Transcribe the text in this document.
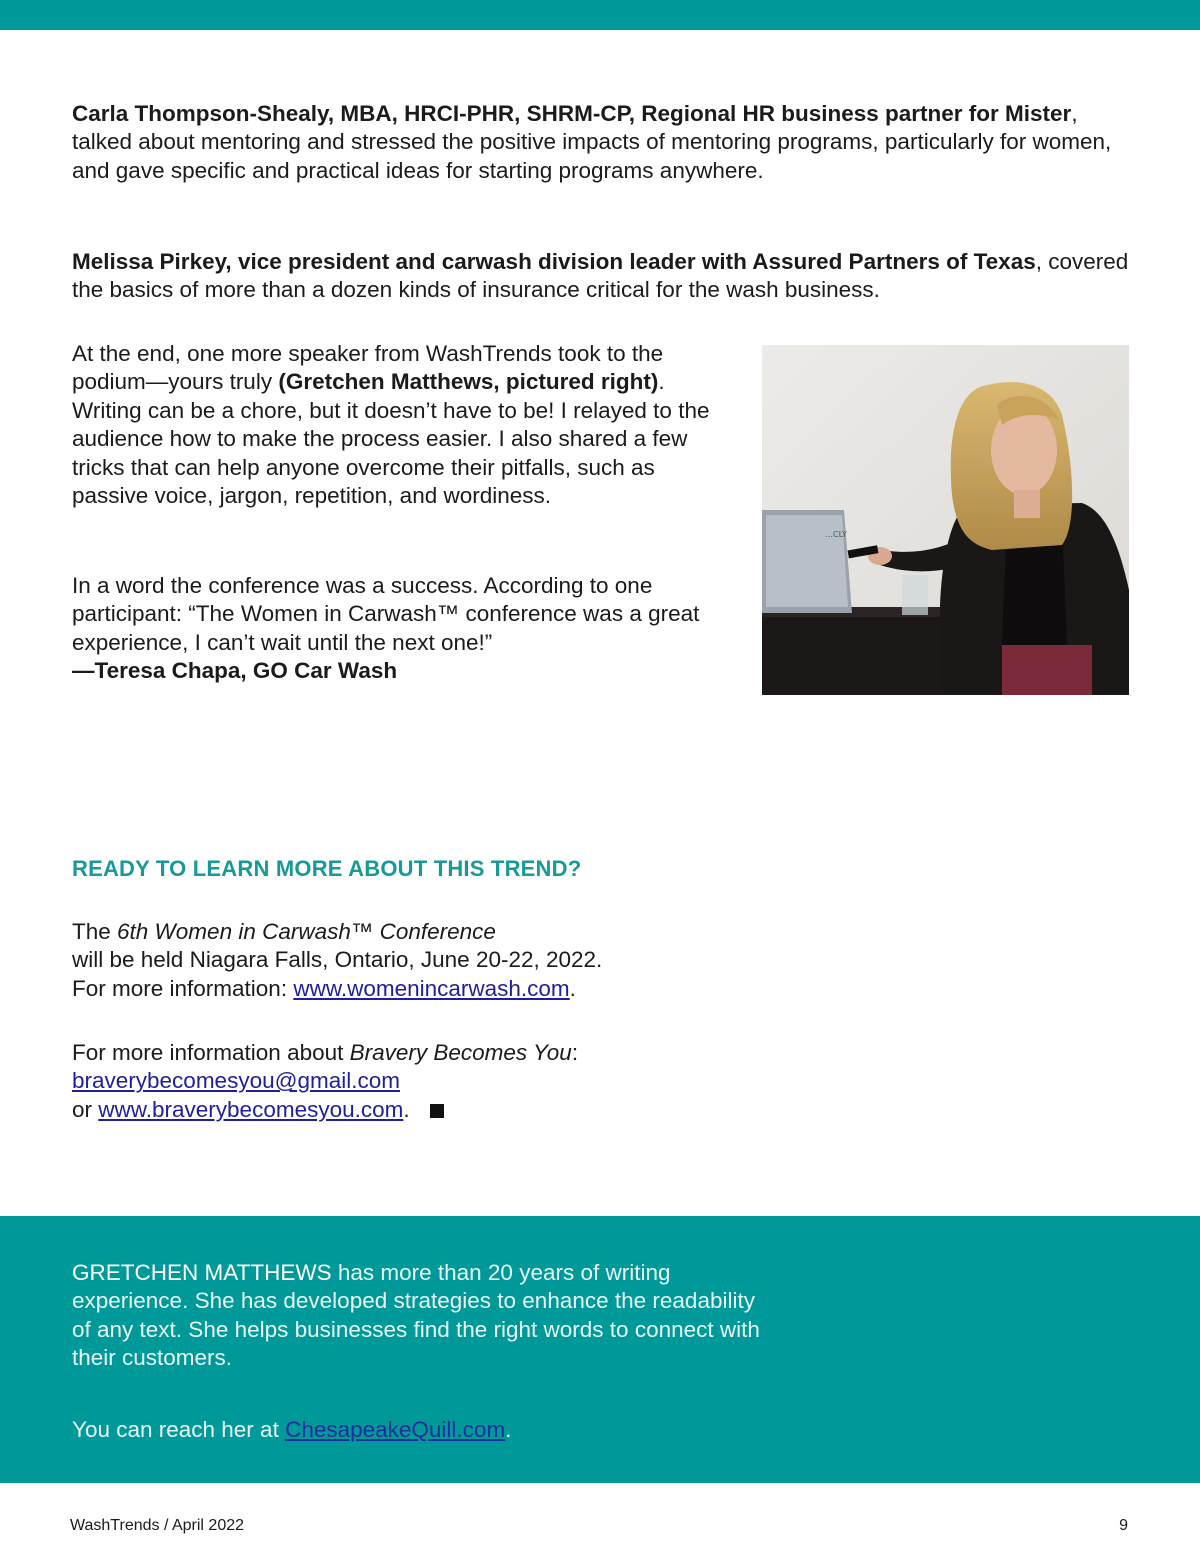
Carla Thompson-Shealy, MBA, HRCI-PHR, SHRM-CP, Regional HR business partner for Mister, talked about mentoring and stressed the positive impacts of mentoring programs, particularly for women, and gave specific and practical ideas for starting programs anywhere.

Melissa Pirkey, vice president and carwash division leader with Assured Partners of Texas, covered the basics of more than a dozen kinds of insurance critical for the wash business.

At the end, one more speaker from WashTrends took to the podium—yours truly (Gretchen Matthews, pictured right). Writing can be a chore, but it doesn’t have to be! I relayed to the audience how to make the process easier. I also shared a few tricks that can help anyone overcome their pitfalls, such as passive voice, jargon, repetition, and wordiness.

In a word the conference was a success. According to one participant: “The Women in Carwash™ conference was a great experience, I can’t wait until the next one!”
—Teresa Chapa, GO Car Wash

…CLY
READY TO LEARN MORE ABOUT THIS TREND?

The 6th Women in Carwash™ Conference
will be held Niagara Falls, Ontario, June 20-22, 2022.
For more information: www.womenincarwash.com.

For more information about Bravery Becomes You:
braverybecomesyou@gmail.com
or www.braverybecomesyou.com.

GRETCHEN MATTHEWS has more than 20 years of writing experience. She has developed strategies to enhance the readability of any text. She helps businesses find the right words to connect with their customers.

You can reach her at ChesapeakeQuill.com.

WashTrends / April 2022	9
